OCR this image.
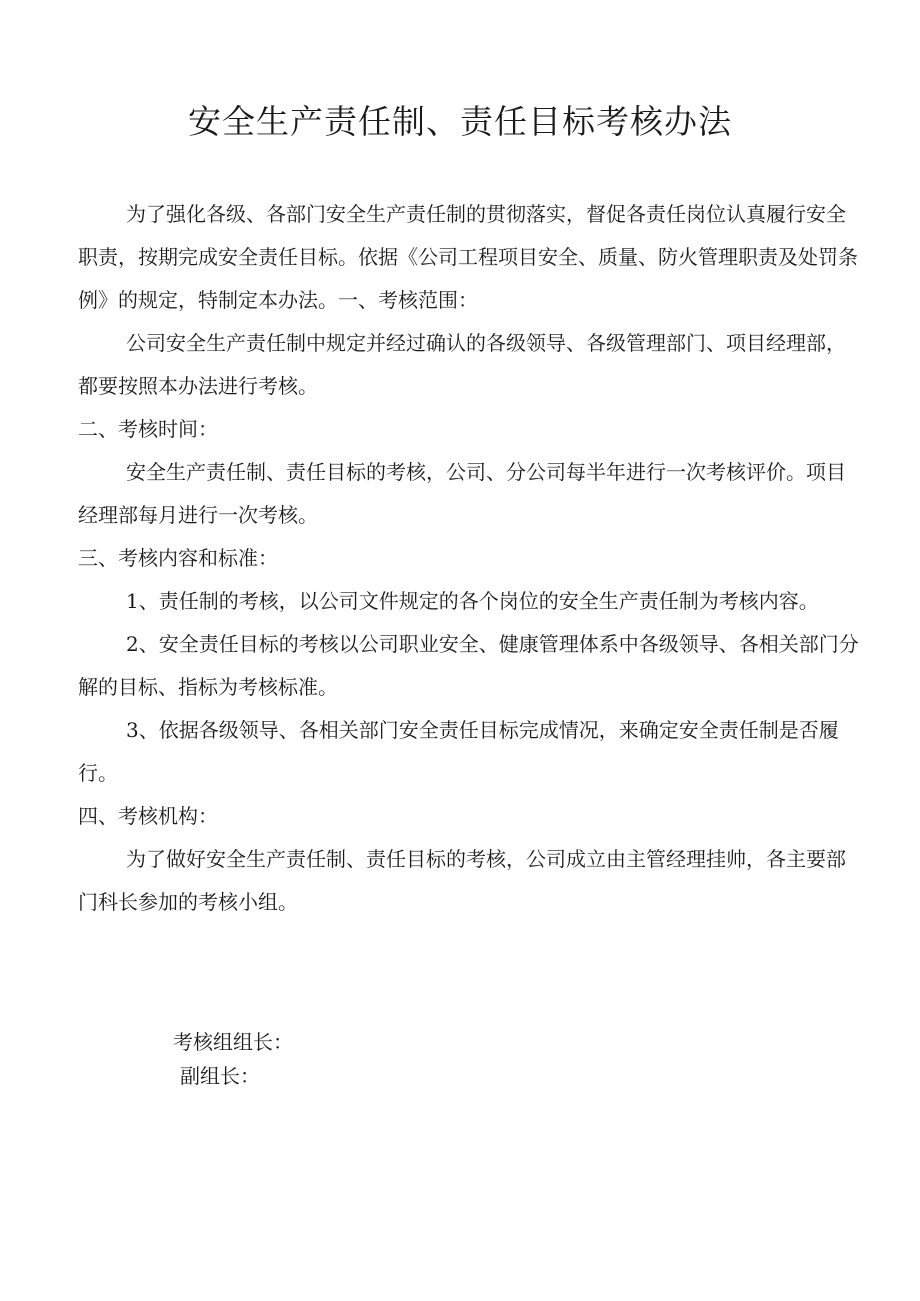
安全生产责任制、责任目标考核办法

为了强化各级、各部门安全生产责任制的贯彻落实，督促各责任岗位认真履行安全职责，按期完成安全责任目标。依据《公司工程项目安全、质量、防火管理职责及处罚条例》的规定，特制定本办法。一、考核范围：

公司安全生产责任制中规定并经过确认的各级领导、各级管理部门、项目经理部，都要按照本办法进行考核。

二、考核时间：

安全生产责任制、责任目标的考核，公司、分公司每半年进行一次考核评价。项目经理部每月进行一次考核。

三、考核内容和标准：

1、责任制的考核，以公司文件规定的各个岗位的安全生产责任制为考核内容。

2、安全责任目标的考核以公司职业安全、健康管理体系中各级领导、各相关部门分解的目标、指标为考核标准。

3、依据各级领导、各相关部门安全责任目标完成情况，来确定安全责任制是否履行。

四、考核机构：

为了做好安全生产责任制、责任目标的考核，公司成立由主管经理挂帅，各主要部门科长参加的考核小组。

考核组组长：
副组长：
